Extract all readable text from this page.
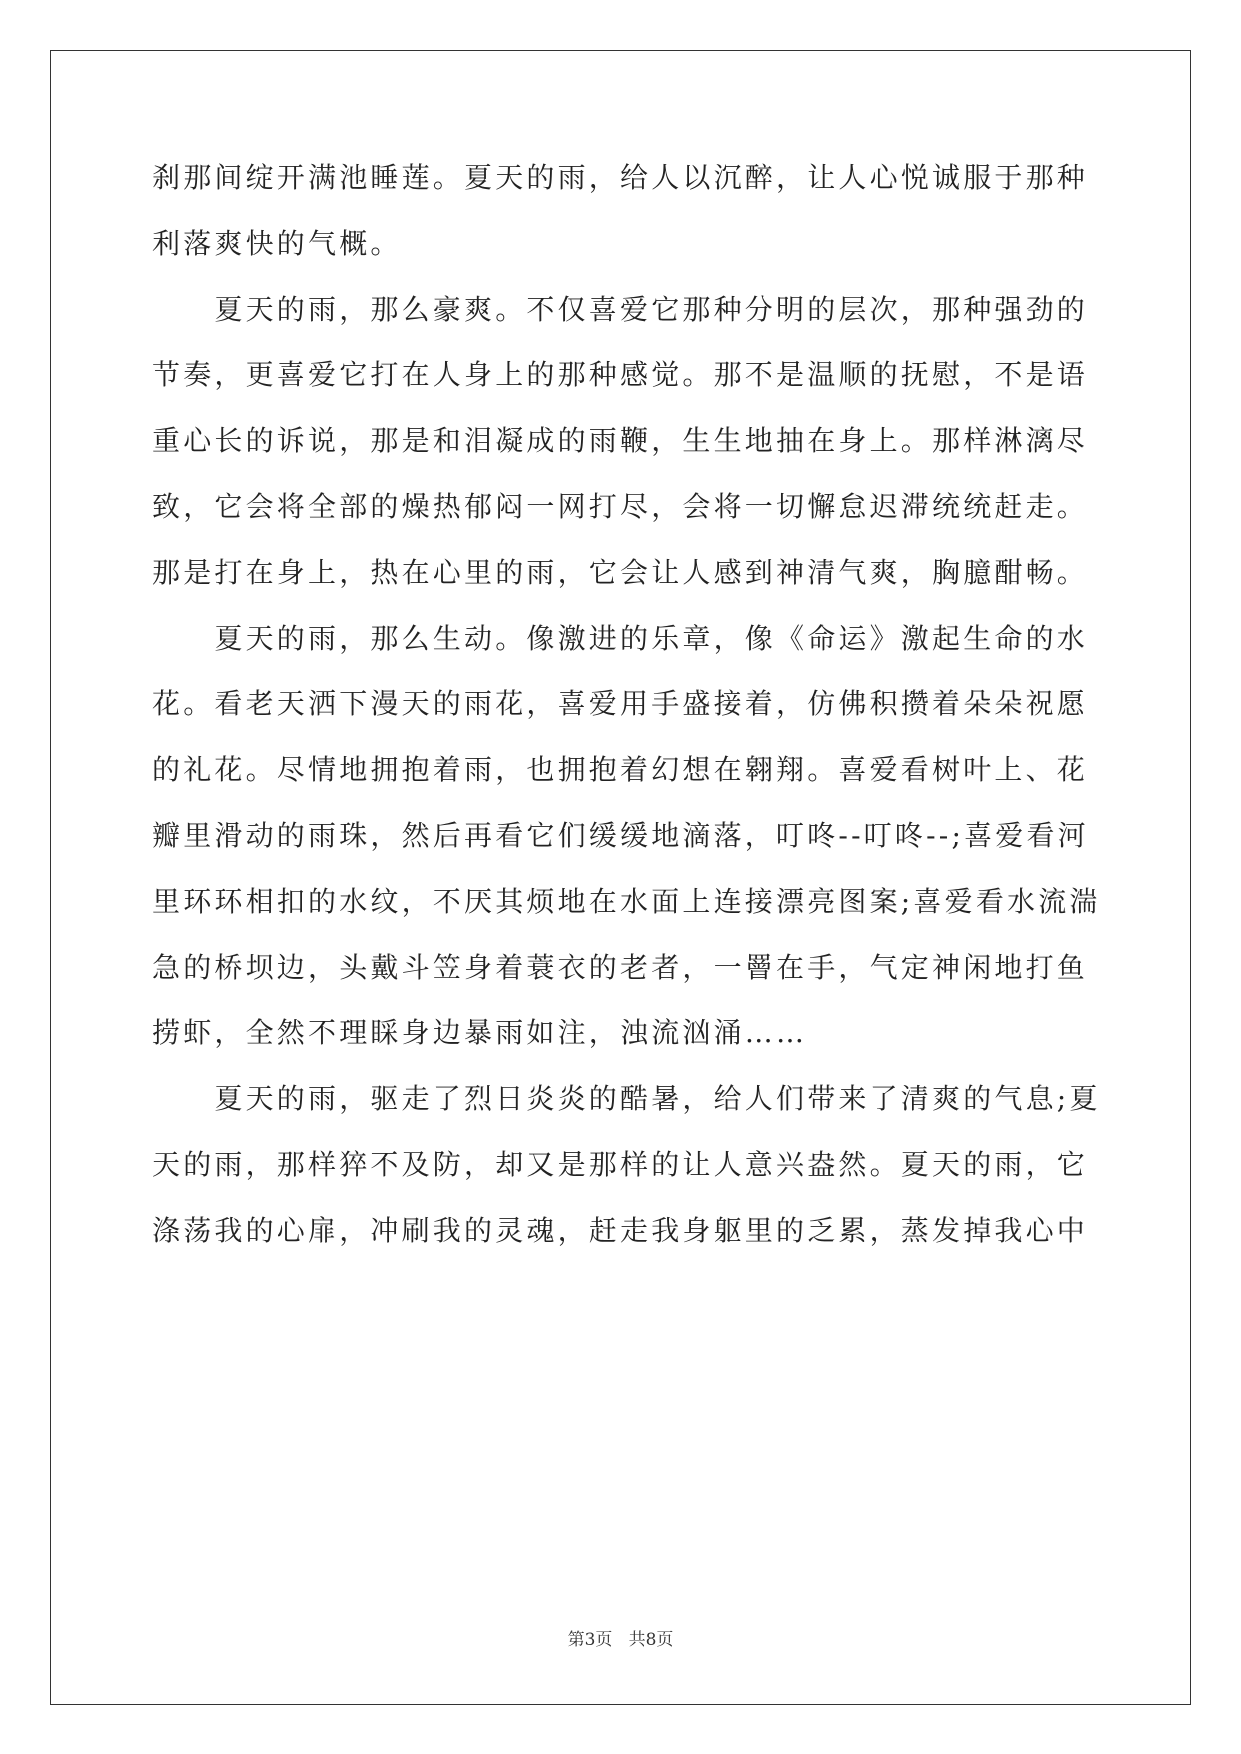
刹那间绽开满池睡莲。夏天的雨，给人以沉醉，让人心悦诚服于那种
利落爽快的气概。
　　夏天的雨，那么豪爽。不仅喜爱它那种分明的层次，那种强劲的
节奏，更喜爱它打在人身上的那种感觉。那不是温顺的抚慰，不是语
重心长的诉说，那是和泪凝成的雨鞭，生生地抽在身上。那样淋漓尽
致，它会将全部的燥热郁闷一网打尽，会将一切懈怠迟滞统统赶走。
那是打在身上，热在心里的雨，它会让人感到神清气爽，胸臆酣畅。
　　夏天的雨，那么生动。像激进的乐章，像《命运》激起生命的水
花。看老天洒下漫天的雨花，喜爱用手盛接着，仿佛积攒着朵朵祝愿
的礼花。尽情地拥抱着雨，也拥抱着幻想在翱翔。喜爱看树叶上、花
瓣里滑动的雨珠，然后再看它们缓缓地滴落，叮咚--叮咚--;喜爱看河
里环环相扣的水纹，不厌其烦地在水面上连接漂亮图案;喜爱看水流湍
急的桥坝边，头戴斗笠身着蓑衣的老者，一罾在手，气定神闲地打鱼
捞虾，全然不理睬身边暴雨如注，浊流汹涌……
　　夏天的雨，驱走了烈日炎炎的酷暑，给人们带来了清爽的气息;夏
天的雨，那样猝不及防，却又是那样的让人意兴盎然。夏天的雨，它
涤荡我的心扉，冲刷我的灵魂，赶走我身躯里的乏累，蒸发掉我心中
第3页   共8页
